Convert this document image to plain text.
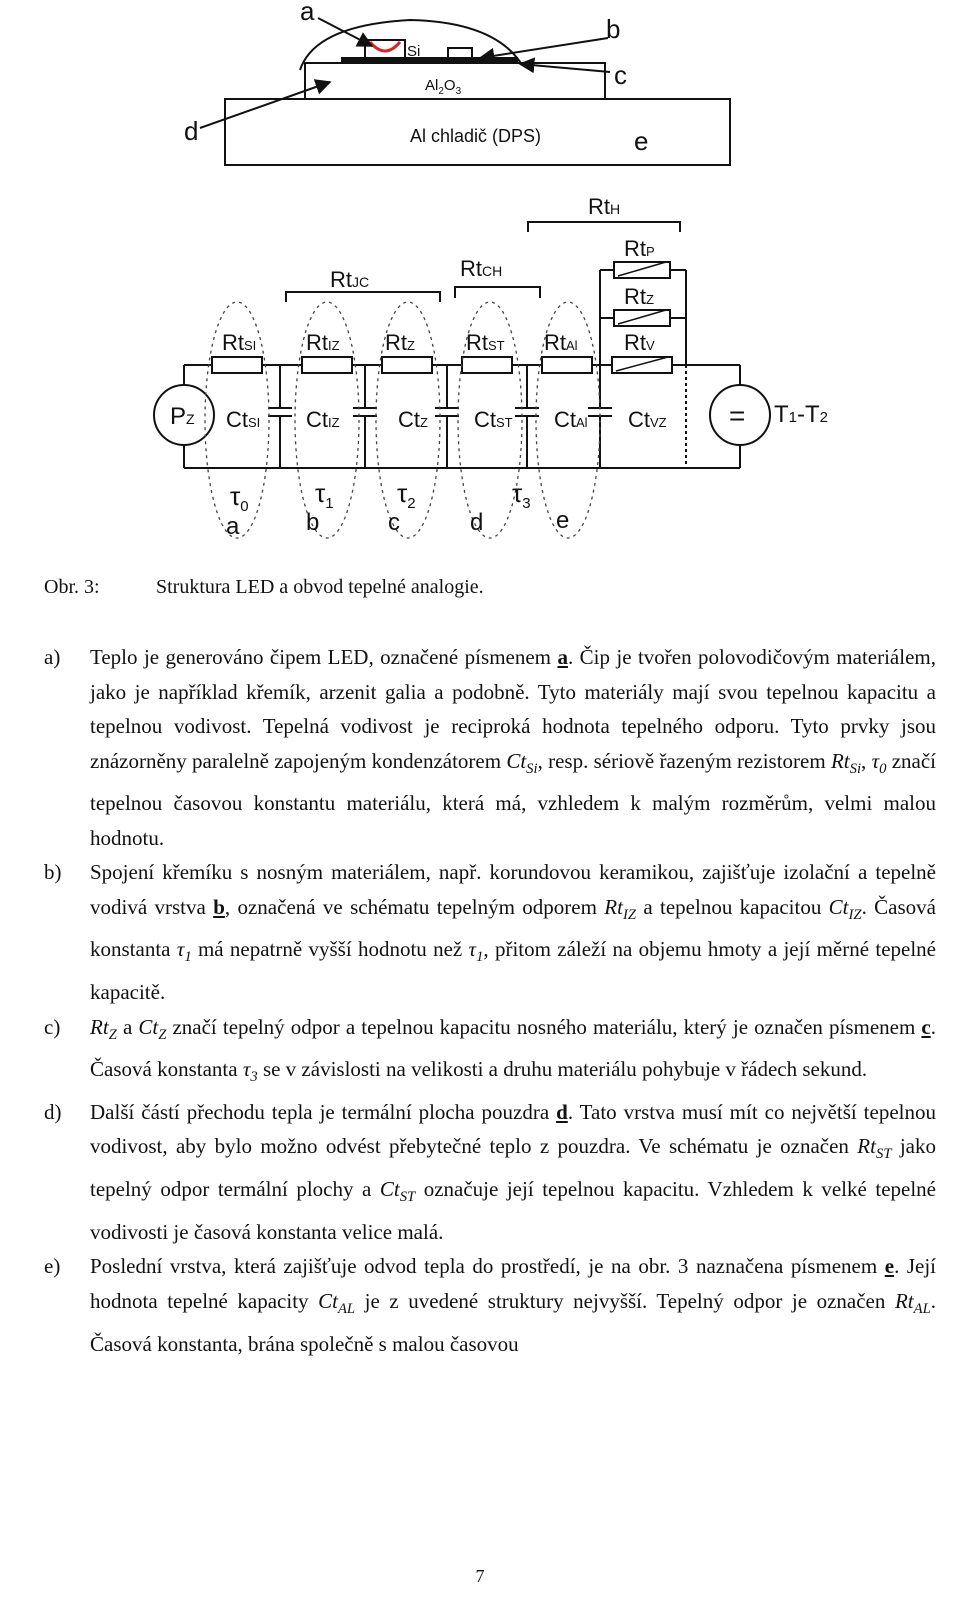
Si
$Al_2O_3$
Al chladič (DPS)
a
b
c
d	e
RtJC
RtCH
RtH
RtSI RtIZ RtZ RtST RtAl
RtP
RtZ
RtV
CtSI CtIZ	CtZ CtST CtAl CtVZ
PZ	= T1-T2
$\tau_0$	$\tau_1$ $\tau_2$	$\tau_3$
a	b	c	d	e
Obr. 3:	Struktura LED a obvod tepelné analogie.

a) Teplo je generováno čipem LED, označené písmenem a. Čip je tvořen polovodičovým materiálem, jako je například křemík, arzenit galia a podobně. Tyto materiály mají svou tepelnou kapacitu a tepelnou vodivost. Tepelná vodivost je reciproká hodnota tepelného odporu. Tyto prvky jsou znázorněny paralelně zapojeným kondenzátorem $Ct_{Si}$, resp. sériově řazeným rezistorem $Rt_{Si}$, $\tau_0$ značí tepelnou časovou konstantu materiálu, která má, vzhledem k malým rozměrům, velmi malou hodnotu.

b) Spojení křemíku s nosným materiálem, např. korundovou keramikou, zajišťuje izolační a tepelně vodivá vrstva b, označená ve schématu tepelným odporem $Rt_{IZ}$ a tepelnou kapacitou $Ct_{IZ}$. Časová konstanta $\tau_1$ má nepatrně vyšší hodnotu než $\tau_1$, přitom záleží na objemu hmoty a její měrné tepelné kapacitě.

c) $Rt_Z$ a $Ct_Z$ značí tepelný odpor a tepelnou kapacitu nosného materiálu, který je označen písmenem c. Časová konstanta $\tau_3$ se v závislosti na velikosti a druhu materiálu pohybuje v řádech sekund.

d) Další částí přechodu tepla je termální plocha pouzdra d. Tato vrstva musí mít co největší tepelnou vodivost, aby bylo možno odvést přebytečné teplo z pouzdra. Ve schématu je označen $Rt_{ST}$ jako tepelný odpor termální plochy a $Ct_{ST}$ označuje její tepelnou kapacitu. Vzhledem k velké tepelné vodivosti je časová konstanta velice malá.

e) Poslední vrstva, která zajišťuje odvod tepla do prostředí, je na obr. 3 naznačena písmenem e. Její hodnota tepelné kapacity $Ct_{AL}$ je z uvedené struktury nejvyšší. Tepelný odpor je označen $Rt_{AL}$. Časová konstanta, brána společně s malou časovou

7
